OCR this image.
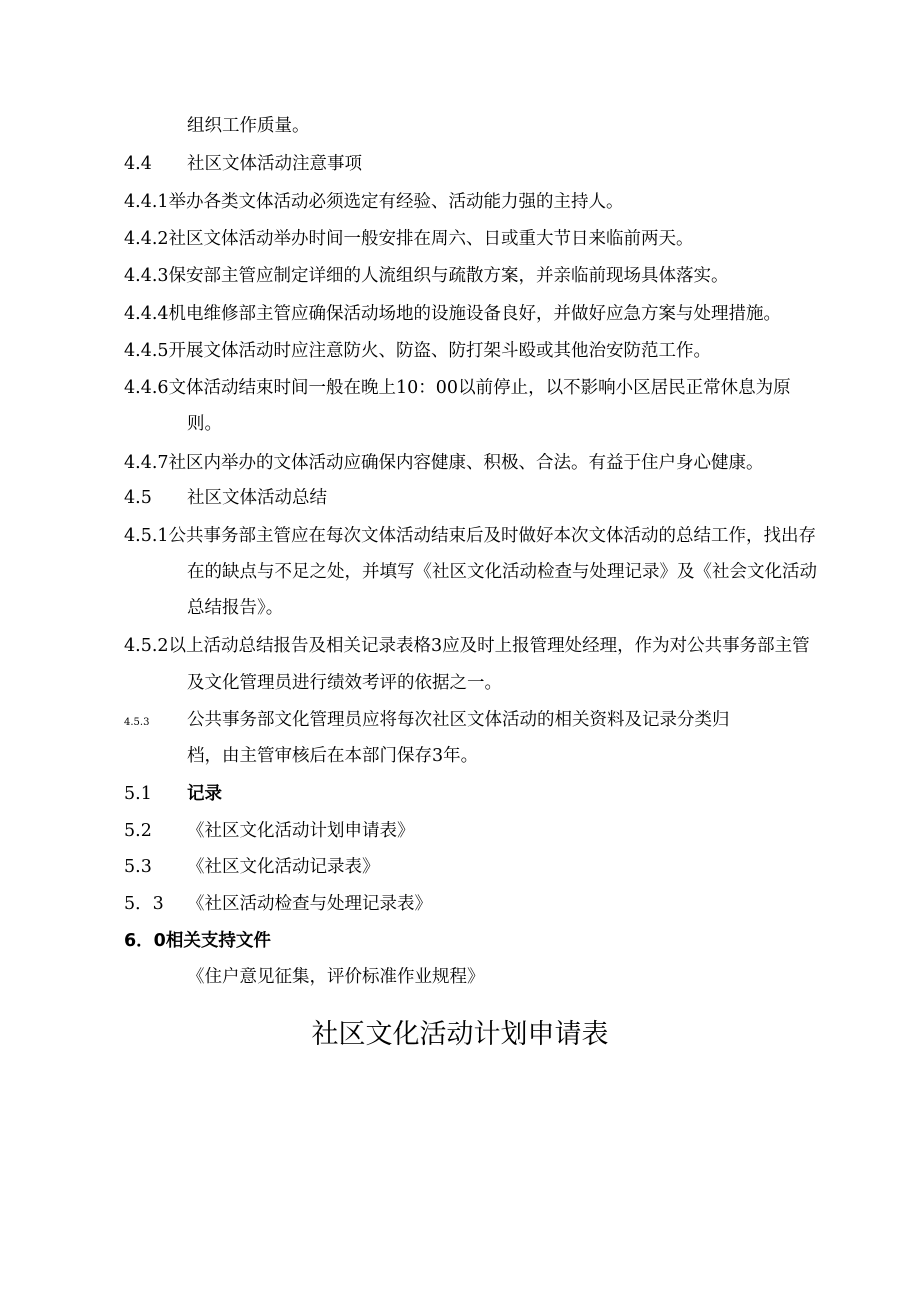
组织工作质量。
4.4 社区文体活动注意事项
4.4.1举办各类文体活动必须选定有经验、活动能力强的主持人。
4.4.2社区文体活动举办时间一般安排在周六、日或重大节日来临前两天。
4.4.3保安部主管应制定详细的人流组织与疏散方案，并亲临前现场具体落实。
4.4.4机电维修部主管应确保活动场地的设施设备良好，并做好应急方案与处理措施。
4.4.5开展文体活动时应注意防火、防盗、防打架斗殴或其他治安防范工作。
4.4.6文体活动结束时间一般在晚上10：00以前停止，以不影响小区居民正常休息为原
则。
4.4.7社区内举办的文体活动应确保内容健康、积极、合法。有益于住户身心健康。
4.5 社区文体活动总结
4.5.1公共事务部主管应在每次文体活动结束后及时做好本次文体活动的总结工作，找出存
在的缺点与不足之处，并填写《社区文化活动检查与处理记录》及《社会文化活动
总结报告》。
4.5.2以上活动总结报告及相关记录表格3应及时上报管理处经理，作为对公共事务部主管
及文化管理员进行绩效考评的依据之一。
4.5.3 公共事务部文化管理员应将每次社区文体活动的相关资料及记录分类归
档，由主管审核后在本部门保存3年。
5.1 记录
5.2 《社区文化活动计划申请表》
5.3 《社区文化活动记录表》
5．3 《社区活动检查与处理记录表》
6．0相关支持文件
《住户意见征集，评价标准作业规程》
社区文化活动计划申请表
